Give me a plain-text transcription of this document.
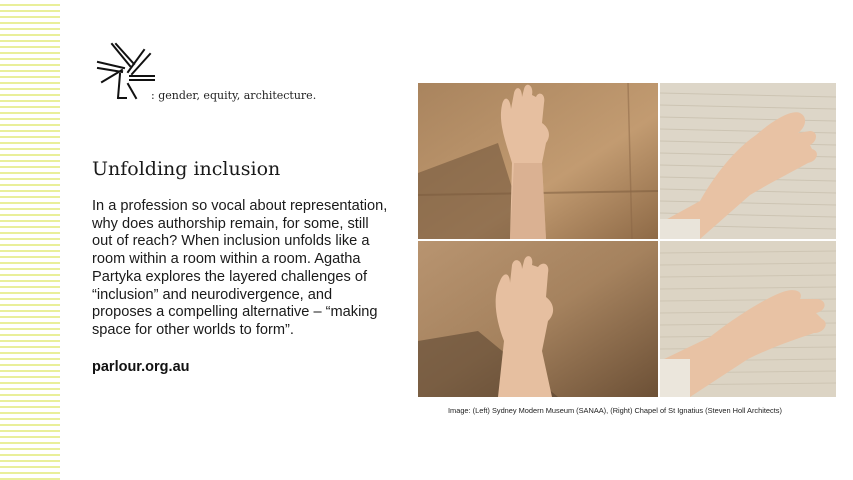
: gender, equity, architecture.
Unfolding inclusion

In a profession so vocal about representation, why does authorship remain, for some, still out of reach? When inclusion unfolds like a room within a room within a room. Agatha Partyka explores the layered challenges of “inclusion” and neurodivergence, and proposes a compelling alternative – “making space for other worlds to form”.

parlour.org.au
Image: (Left) Sydney Modern Museum (SANAA), (Right) Chapel of St Ignatius (Steven Holl Architects)
